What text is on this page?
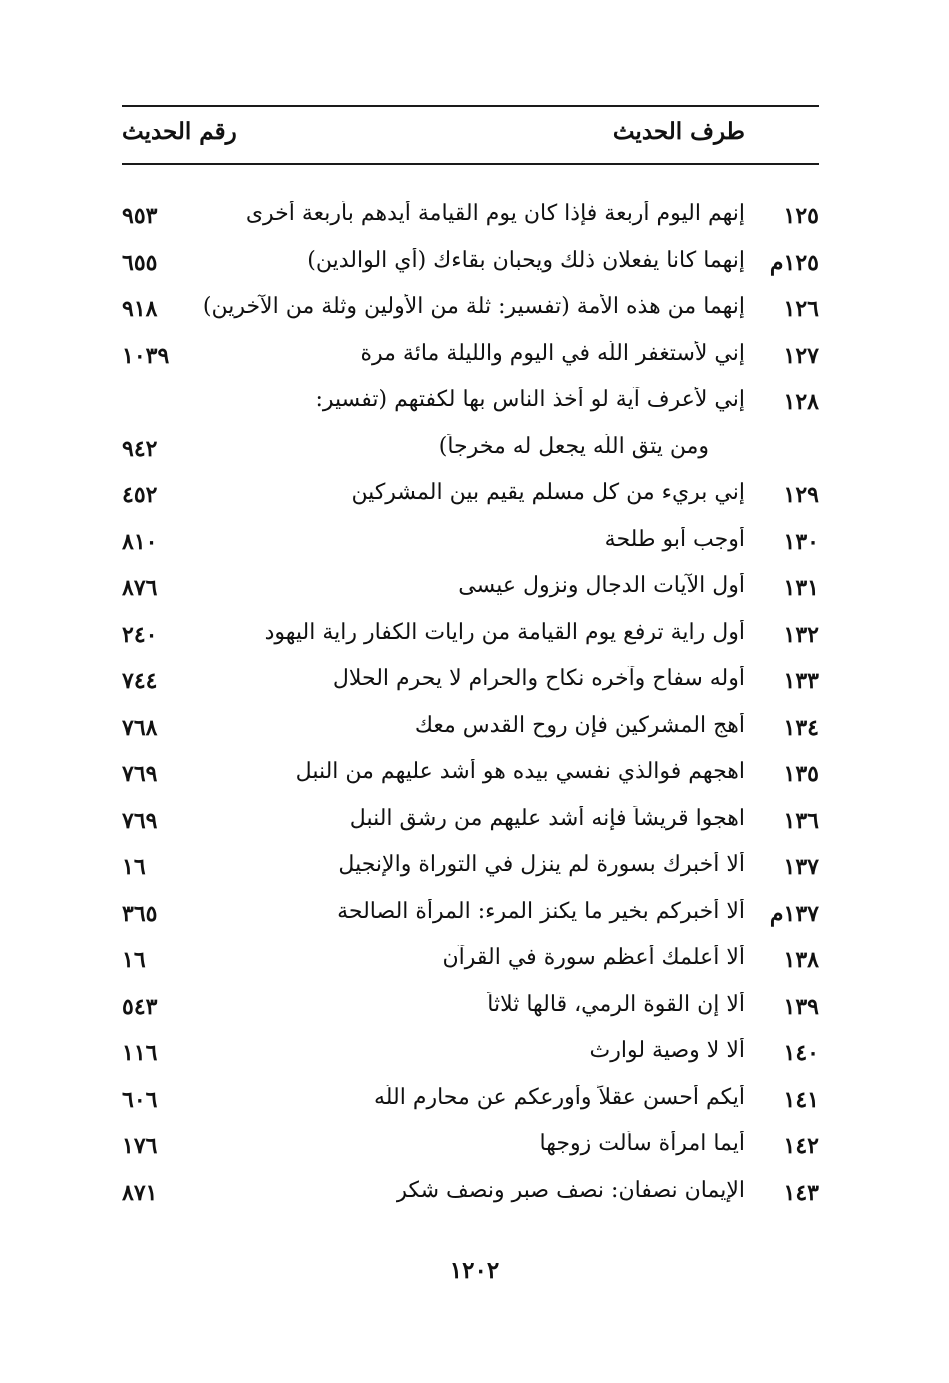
طرف الحديث
رقم الحديث
١٢٥
إنهم اليوم أربعة فإذا كان يوم القيامة أيدهم بأربعة أخرى
٩٥٣
١٢٥م
إنهما كانا يفعلان ذلك ويحبان بقاءك (أي الوالدين)
٦٥٥
١٢٦
إنهما من هذه الأمة (تفسير: ثلة من الأولين وثلة من الآخرين)
٩١٨
١٢٧
إني لأستغفر اللّه في اليوم والليلة مائة مرة
١٠٣٩
١٢٨
إني لأعرف آية لو أخذ الناس بها لكفتهم (تفسير:
ومن يتق اللّه يجعل له مخرجاً)
٩٤٢
١٢٩
إني بريء من كل مسلم يقيم بين المشركين
٤٥٢
١٣٠
أوجب أبو طلحة
٨١٠
١٣١
أول الآيات الدجال ونزول عيسى
٨٧٦
١٣٢
أول راية ترفع يوم القيامة من رايات الكفار راية اليهود
٢٤٠
١٣٣
أوله سفاح وآخره نكاح والحرام لا يحرم الحلال
٧٤٤
١٣٤
أهج المشركين فإن روح القدس معك
٧٦٨
١٣٥
اهجهم فوالذي نفسي بيده هو أشد عليهم من النبل
٧٦٩
١٣٦
اهجوا قريشاً فإنه أشد عليهم من رشق النبل
٧٦٩
١٣٧
ألا أخبرك بسورة لم ينزل في التوراة والإنجيل
١٦
١٣٧م
ألا أخبركم بخير ما يكنز المرء: المرأة الصالحة
٣٦٥
١٣٨
ألا أعلمك أعظم سورة في القرآن
١٦
١٣٩
ألا إن القوة الرمي، قالها ثلاثاً
٥٤٣
١٤٠
ألا لا وصية لوارث
١١٦
١٤١
أيكم أحسن عقلاً وأورعكم عن محارم اللّه
٦٠٦
١٤٢
أيما امرأة سألت زوجها
١٧٦
١٤٣
الإيمان نصفان: نصف صبر ونصف شكر
٨٧١
١٢٠٢
